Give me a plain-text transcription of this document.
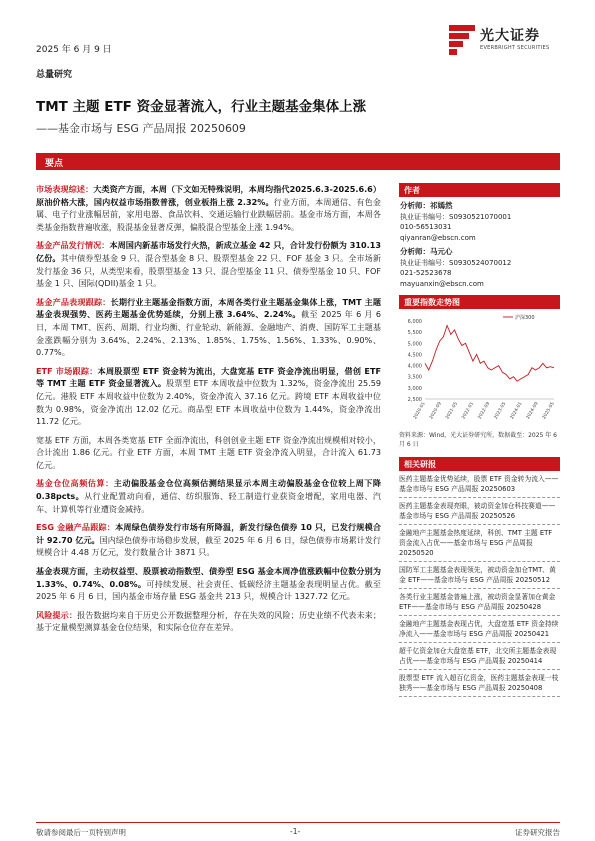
2025 年 6 月 9 日
光大证券
EVERBRIGHT SECURITIES
总量研究
TMT 主题 ETF 资金显著流入，行业主题基金集体上涨
——基金市场与 ESG 产品周报 20250609
要点

市场表现综述：大类资产方面，本周（下文如无特殊说明，本周均指代2025.6.3-2025.6.6）原油价格大涨，国内权益市场指数普涨，创业板指上涨 2.32%。行业方面，本周通信、有色金属、电子行业涨幅居前，家用电器、食品饮料、交通运输行业跌幅居前。基金市场方面，本周各类基金指数普遍收涨，股混基金显著反弹，偏股混合型基金上涨 1.94%。

基金产品发行情况：本周国内新基市场发行火热，新成立基金 42 只，合计发行份额为 310.13 亿份。其中债券型基金 9 只、混合型基金 8 只、股票型基金 22 只、FOF 基金 3 只。全市场新发行基金 36 只，从类型来看，股票型基金 13 只、混合型基金 11 只、债券型基金 10 只、FOF 基金 1 只、国际(QDII)基金 1 只。

基金产品表现跟踪：长期行业主题基金指数方面，本周各类行业主题基金集体上涨，TMT 主题基金表现强势、医药主题基金优势延续，分别上涨 3.64%、2.24%。截至 2025 年 6 月 6 日，本周 TMT、医药、周期、行业均衡、行业轮动、新能源、金融地产、消费、国防军工主题基金涨跌幅分别为 3.64%、2.24%、2.13%、1.85%、1.75%、1.56%、1.33%、0.90%、0.77%。

ETF 市场跟踪：本周股票型 ETF 资金转为流出，大盘宽基 ETF 资金净流出明显，借创 ETF 等 TMT 主题 ETF 资金显著流入。股票型 ETF 本周收益中位数为 1.32%，资金净流出 25.59 亿元。港股 ETF 本周收益中位数为 2.40%，资金净流入 37.16 亿元。跨境 ETF 本周收益中位数为 0.98%，资金净流出 12.02 亿元。商品型 ETF 本周收益中位数为 1.44%，资金净流出 11.72 亿元。

宽基 ETF 方面，本周各类宽基 ETF 全面净流出，科创创业主题 ETF 资金净流出规模相对较小，合计流出 1.86 亿元。行业 ETF 方面，本周 TMT 主题 ETF 资金净流入明显，合计流入 61.73 亿元。

基金仓位高频估算：主动偏股基金仓位高频估测结果显示本周主动偏股基金仓位较上周下降 0.38pcts。从行业配置动向看，通信、纺织服饰、轻工制造行业获资金增配，家用电器、汽车、计算机等行业遭资金减持。

ESG 金融产品跟踪：本周绿色债券发行市场有所降温，新发行绿色债券 10 只，已发行规模合计 92.70 亿元。国内绿色债券市场稳步发展，截至 2025 年 6 月 6 日，绿色债券市场累计发行规模合计 4.48 万亿元，发行数量合计 3871 只。

基金表现方面，主动权益型、股票被动指数型、债券型 ESG 基金本周净值涨跌幅中位数分别为 1.33%、0.74%、0.08%。可持续发展、社会责任、低碳经济主题基金表现明显占优。截至 2025 年 6 月 6 日，国内基金市场存量 ESG 基金共 213 只，规模合计 1327.72 亿元。

风险提示：报告数据均来自于历史公开数据整理分析，存在失效的风险；历史业绩不代表未来；基于定量模型测算基金仓位结果，和实际仓位存在差异。

作者
分析师：祁嫣然
执业证书编号：S0930521070001
010-56513031
qiyanran@ebscn.com
分析师：马元心
执业证书编号：S0930524070012
021-52523678
mayuanxin@ebscn.com
重要指数走势图
2,500
3,000
3,500
4,000
4,500
5,000
5,500
6,000
2020-01 2020-09 2021-05 2022-01 2022-09 2023-05 2024-01 2024-09 2025-05
沪深300
资料来源：Wind，光大证券研究所，数据截至：2025 年 6 月 6 日
相关研报
医药主题基金优势延续，股票 ETF 资金转为流入——基金市场与 ESG 产品周报 20250603
医药主题基金表现亮眼，被动资金加仓科技赛道——基金市场与 ESG 产品周报 20250526
金融地产主题基金热度延续，科创、TMT 主题 ETF 资金流入占优——基金市场与 ESG 产品周报 20250520
国防军工主题基金表现领先，被动资金加仓TMT、黄金 ETF——基金市场与 ESG 产品周报 20250512
各类行业主题基金普遍上涨，被动资金显著加仓黄金 ETF——基金市场与 ESG 产品周报 20250428
金融地产主题基金表现占优，大盘宽基 ETF 资金持续净流入——基金市场与 ESG 产品周报 20250421
超千亿资金加仓大盘宽基 ETF，北交所主题基金表现占优——基金市场与 ESG 产品周报 20250414
股票型 ETF 流入超百亿资金，医药主题基金表现一枝独秀——基金市场与 ESG 产品周报 20250408
敬请参阅最后一页特别声明	-1-	证券研究报告
